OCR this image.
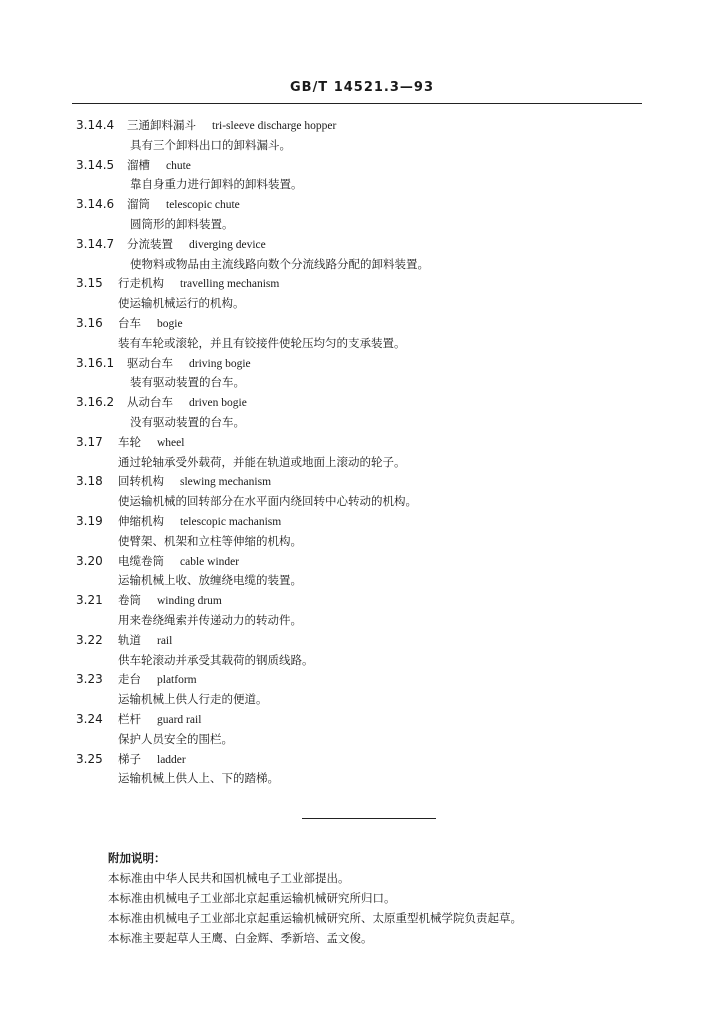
GB/T 14521.3—93
3.14.4 三通卸料漏斗 tri-sleeve discharge hopper
具有三个卸料出口的卸料漏斗。
3.14.5 溜槽 chute
靠自身重力进行卸料的卸料装置。
3.14.6 溜筒 telescopic chute
圆筒形的卸料装置。
3.14.7 分流装置 diverging device
使物料或物品由主流线路向数个分流线路分配的卸料装置。
3.15 行走机构 travelling mechanism
使运输机械运行的机构。
3.16 台车 bogie
装有车轮或滚轮，并且有铰接件使轮压均匀的支承装置。
3.16.1 驱动台车 driving bogie
装有驱动装置的台车。
3.16.2 从动台车 driven bogie
没有驱动装置的台车。
3.17 车轮 wheel
通过轮轴承受外载荷，并能在轨道或地面上滚动的轮子。
3.18 回转机构 slewing mechanism
使运输机械的回转部分在水平面内绕回转中心转动的机构。
3.19 伸缩机构 telescopic machanism
使臂架、机架和立柱等伸缩的机构。
3.20 电缆卷筒 cable winder
运输机械上收、放缠绕电缆的装置。
3.21 卷筒 winding drum
用来卷绕绳索并传递动力的转动件。
3.22 轨道 rail
供车轮滚动并承受其载荷的钢质线路。
3.23 走台 platform
运输机械上供人行走的便道。
3.24 栏杆 guard rail
保护人员安全的围栏。
3.25 梯子 ladder
运输机械上供人上、下的踏梯。
附加说明：
本标准由中华人民共和国机械电子工业部提出。
本标准由机械电子工业部北京起重运输机械研究所归口。
本标准由机械电子工业部北京起重运输机械研究所、太原重型机械学院负责起草。
本标准主要起草人王鹰、白金辉、季新培、孟文俊。
